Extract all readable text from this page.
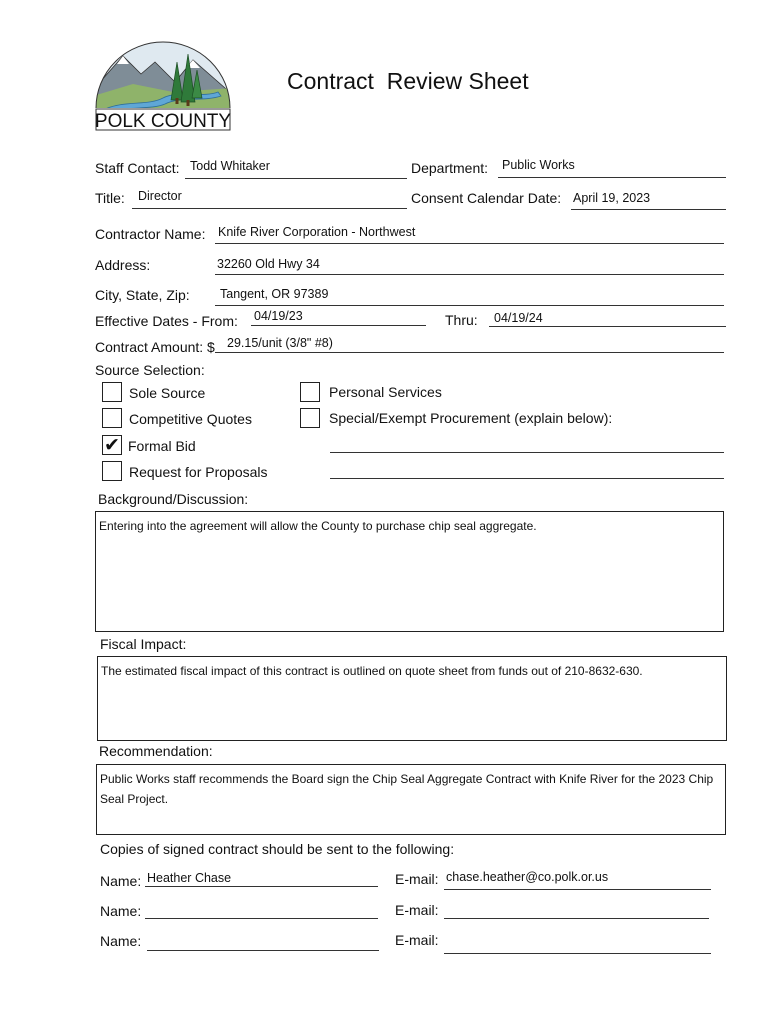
POLK COUNTY
Contract  Review Sheet
Staff Contact: Todd Whitaker	Department: Public Works
Title: Director	Consent Calendar Date: April 19, 2023
Contractor Name: Knife River Corporation - Northwest
Address:	32260 Old Hwy 34
City, State, Zip: Tangent, OR 97389
Effective Dates - From: 04/19/23	Thru: 04/19/24
Contract Amount: $ 29.15/unit (3/8" #8)
Source Selection:
Sole Source
Competitive Quotes
✔ Formal Bid
Request for Proposals
Personal Services
Special/Exempt Procurement (explain below):
Background/Discussion:
Entering into the agreement will allow the County to purchase chip seal aggregate.
Fiscal Impact:
The estimated fiscal impact of this contract is outlined on quote sheet from funds out of 210-8632-630.
Recommendation:
Public Works staff recommends the Board sign the Chip Seal Aggregate Contract with Knife River for the 2023 Chip Seal Project.
Copies of signed contract should be sent to the following:
Name: Heather Chase	E-mail: chase.heather@co.polk.or.us
Name:	E-mail:
Name:	E-mail:
